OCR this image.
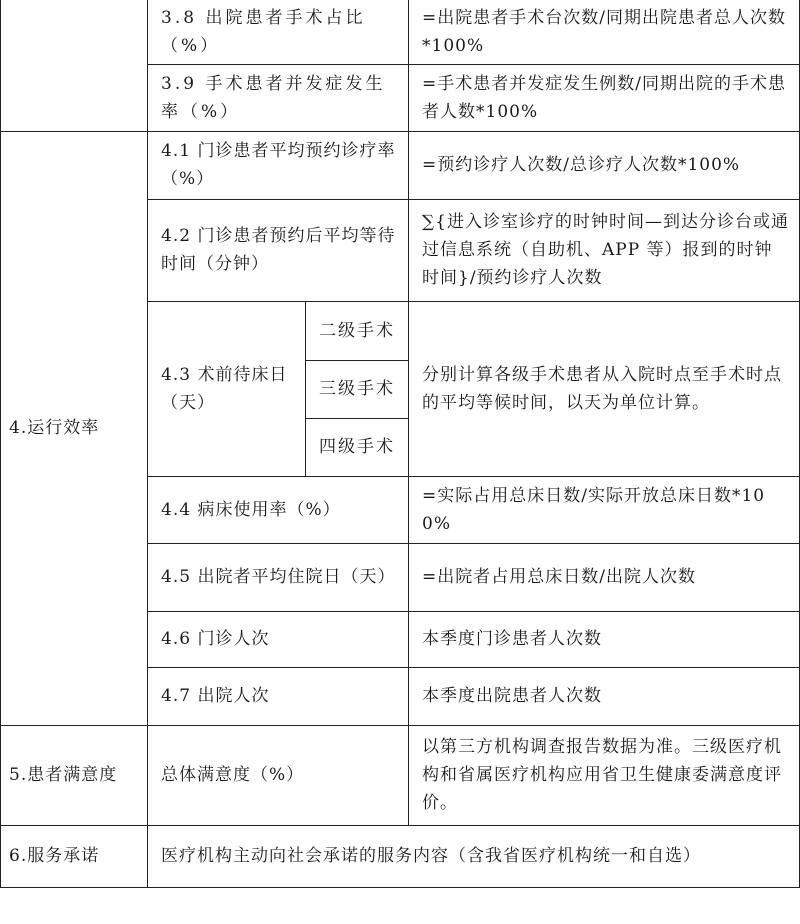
	3.8 出院患者手术占比（%）		=出院患者手术台次数/同期出院患者总人次数*100%
	3.9 手术患者并发症发生率（%）		=手术患者并发症发生例数/同期出院的手术患者人数*100%
4.运行效率	4.1 门诊患者平均预约诊疗率（%）		=预约诊疗人次数/总诊疗人次数*100%
	4.2 门诊患者预约后平均等待时间（分钟）		∑{进入诊室诊疗的时钟时间—到达分诊台或通过信息系统（自助机、APP 等）报到的时钟时间}/预约诊疗人次数
	4.3 术前待床日（天）	二级手术	分别计算各级手术患者从入院时点至手术时点的平均等候时间，以天为单位计算。
		三级手术	
		四级手术	
	4.4 病床使用率（%）		=实际占用总床日数/实际开放总床日数*100%
	4.5 出院者平均住院日（天）		=出院者占用总床日数/出院人次数
	4.6 门诊人次		本季度门诊患者人次数
	4.7 出院人次		本季度出院患者人次数
5.患者满意度	总体满意度（%）		以第三方机构调查报告数据为准。三级医疗机构和省属医疗机构应用省卫生健康委满意度评价。
6.服务承诺	医疗机构主动向社会承诺的服务内容（含我省医疗机构统一和自选）		
